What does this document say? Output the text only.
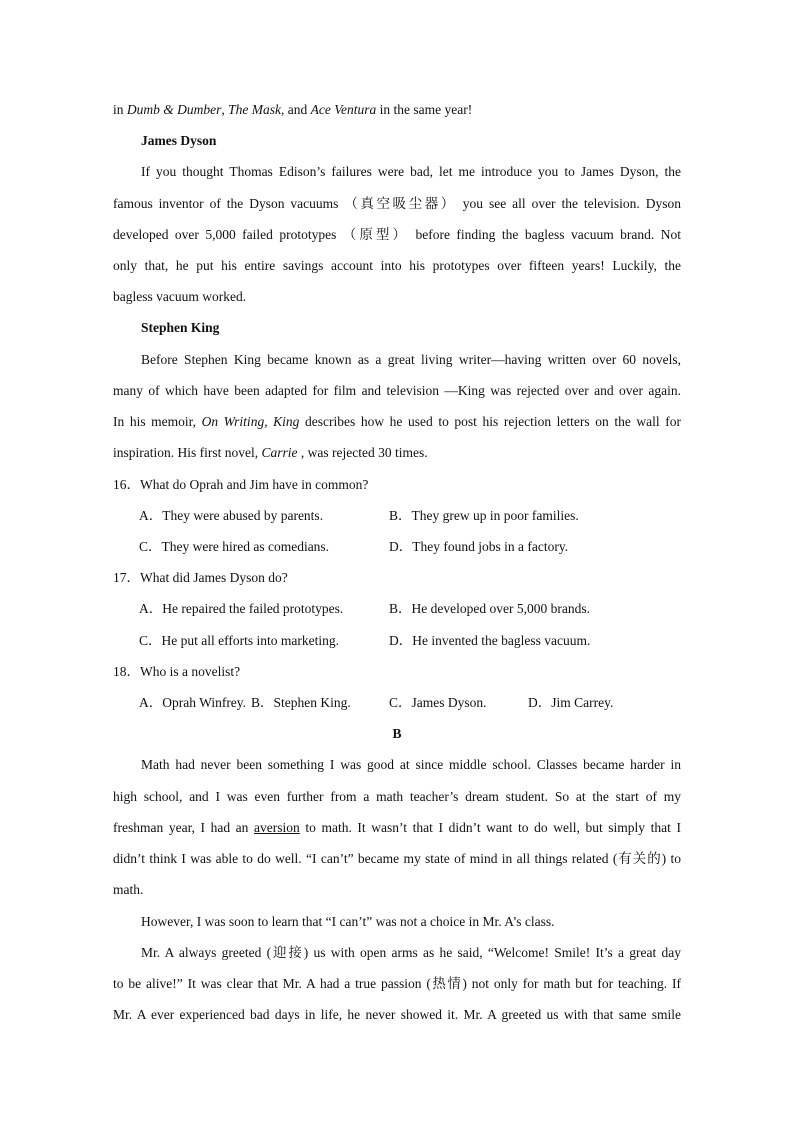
in Dumb & Dumber, The Mask, and Ace Ventura in the same year!
James Dyson
If you thought Thomas Edison’s failures were bad, let me introduce you to James Dyson, the
famous inventor of the Dyson vacuums （真空吸尘器） you see all over the television. Dyson
developed over 5,000 failed prototypes （原型） before finding the bagless vacuum brand. Not
only that, he put his entire savings account into his prototypes over fifteen years! Luckily, the
bagless vacuum worked.
Stephen King
Before Stephen King became known as a great living writer—having written over 60 novels,
many of which have been adapted for film and television —King was rejected over and over again.
In his memoir, On Writing, King describes how he used to post his rejection letters on the wall for
inspiration. His first novel, Carrie , was rejected 30 times.
16．What do Oprah and Jim have in common?
A．They were abused by parents.	B．They grew up in poor families.
C．They were hired as comedians.	D．They found jobs in a factory.
17．What did James Dyson do?
A．He repaired the failed prototypes.	B．He developed over 5,000 brands.
C．He put all efforts into marketing.	D．He invented the bagless vacuum.
18．Who is a novelist?
A．Oprah Winfrey. B．Stephen King.	C．James Dyson.	D．Jim Carrey.
B
Math had never been something I was good at since middle school. Classes became harder in
high school, and I was even further from a math teacher’s dream student. So at the start of my
freshman year, I had an aversion to math. It wasn’t that I didn’t want to do well, but simply that I
didn’t think I was able to do well. “I can’t” became my state of mind in all things related (有关的) to
math.
However, I was soon to learn that “I can’t” was not a choice in Mr. A’s class.
Mr. A always greeted (迎接) us with open arms as he said, “Welcome! Smile! It’s a great day
to be alive!” It was clear that Mr. A had a true passion (热情) not only for math but for teaching. If
Mr. A ever experienced bad days in life, he never showed it. Mr. A greeted us with that same smile
